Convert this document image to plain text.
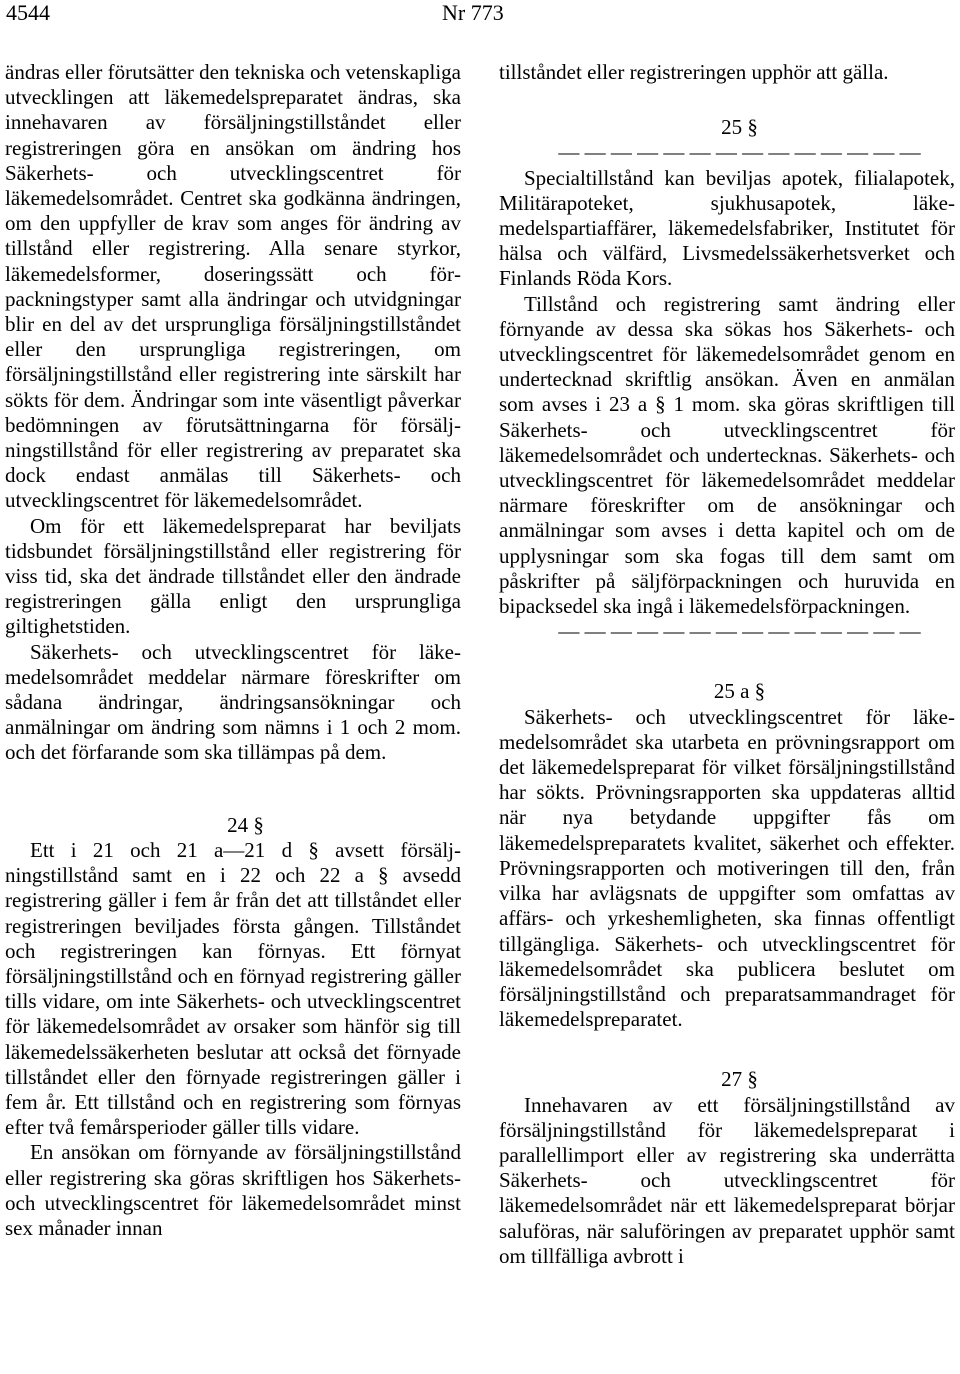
4544	Nr 773

ändras eller förutsätter den tekniska och vetenskapliga utvecklingen att läkemedelspreparatet ändras, ska innehavaren av försäljningstillståndet eller registreringen göra en ansökan om ändring hos Säkerhets- och utvecklingscentret för läkemedelsområdet. Centret ska godkänna ändringen, om den uppfyller de krav som anges för ändring av tillstånd eller registrering. Alla senare styrkor, läkemedelsformer, doseringssätt och förpackningstyper samt alla ändringar och utvidgningar blir en del av det ursprungliga försäljningstillståndet eller den ursprungliga registreringen, om försäljningstillstånd eller registrering inte särskilt har sökts för dem. Ändringar som inte väsentligt påverkar bedömningen av förutsättningarna för försäljningstillstånd för eller registrering av preparatet ska dock endast anmälas till Säkerhets- och utvecklingscentret för läkemedelsområdet.

Om för ett läkemedelspreparat har beviljats tidsbundet försäljningstillstånd eller registrering för viss tid, ska det ändrade tillståndet eller den ändrade registreringen gälla enligt den ursprungliga giltighetstiden.

Säkerhets- och utvecklingscentret för läkemedelsområdet meddelar närmare föreskrifter om sådana ändringar, ändringsansökningar och anmälningar om ändring som nämns i 1 och 2 mom. och det förfarande som ska tillämpas på dem.

24 §

Ett i 21 och 21 a—21 d § avsett försäljningstillstånd samt en i 22 och 22 a § avsedd registrering gäller i fem år från det att tillståndet eller registreringen beviljades första gången. Tillståndet och registreringen kan förnyas. Ett förnyat försäljningstillstånd och en förnyad registrering gäller tills vidare, om inte Säkerhets- och utvecklingscentret för läkemedelsområdet av orsaker som hänför sig till läkemedelssäkerheten beslutar att också det förnyade tillståndet eller den förnyade registreringen gäller i fem år. Ett tillstånd och en registrering som förnyas efter två femårsperioder gäller tills vidare.

En ansökan om förnyande av försäljningstillstånd eller registrering ska göras skriftligen hos Säkerhets- och utvecklingscentret för läkemedelsområdet minst sex månader innan

tillståndet eller registreringen upphör att gälla.

25 §

— — — — — — — — — — — — — —

Specialtillstånd kan beviljas apotek, filialapotek, Militärapoteket, sjukhusapotek, läkemedelspartiaffärer, läkemedelsfabriker, Institutet för hälsa och välfärd, Livsmedelssäkerhetsverket och Finlands Röda Kors.

Tillstånd och registrering samt ändring eller förnyande av dessa ska sökas hos Säkerhets- och utvecklingscentret för läkemedelsområdet genom en undertecknad skriftlig ansökan. Även en anmälan som avses i 23 a § 1 mom. ska göras skriftligen till Säkerhets- och utvecklingscentret för läkemedelsområdet och undertecknas. Säkerhets- och utvecklingscentret för läkemedelsområdet meddelar närmare föreskrifter om de ansökningar och anmälningar som avses i detta kapitel och om de upplysningar som ska fogas till dem samt om påskrifter på säljförpackningen och huruvida en bipacksedel ska ingå i läkemedelsförpackningen.

— — — — — — — — — — — — — —

25 a §

Säkerhets- och utvecklingscentret för läkemedelsområdet ska utarbeta en prövningsrapport om det läkemedelspreparat för vilket försäljningstillstånd har sökts. Prövningsrapporten ska uppdateras alltid när nya betydande uppgifter fås om läkemedelspreparatets kvalitet, säkerhet och effekter. Prövningsrapporten och motiveringen till den, från vilka har avlägsnats de uppgifter som omfattas av affärs- och yrkeshemligheten, ska finnas offentligt tillgängliga. Säkerhets- och utvecklingscentret för läkemedelsområdet ska publicera beslutet om försäljningstillstånd och preparatsammandraget för läkemedelspreparatet.

27 §

Innehavaren av ett försäljningstillstånd av försäljningstillstånd för läkemedelspreparat i parallellimport eller av registrering ska underrätta Säkerhets- och utvecklingscentret för läkemedelsområdet när ett läkemedelspreparat börjar saluföras, när saluföringen av preparatet upphör samt om tillfälliga avbrott i
